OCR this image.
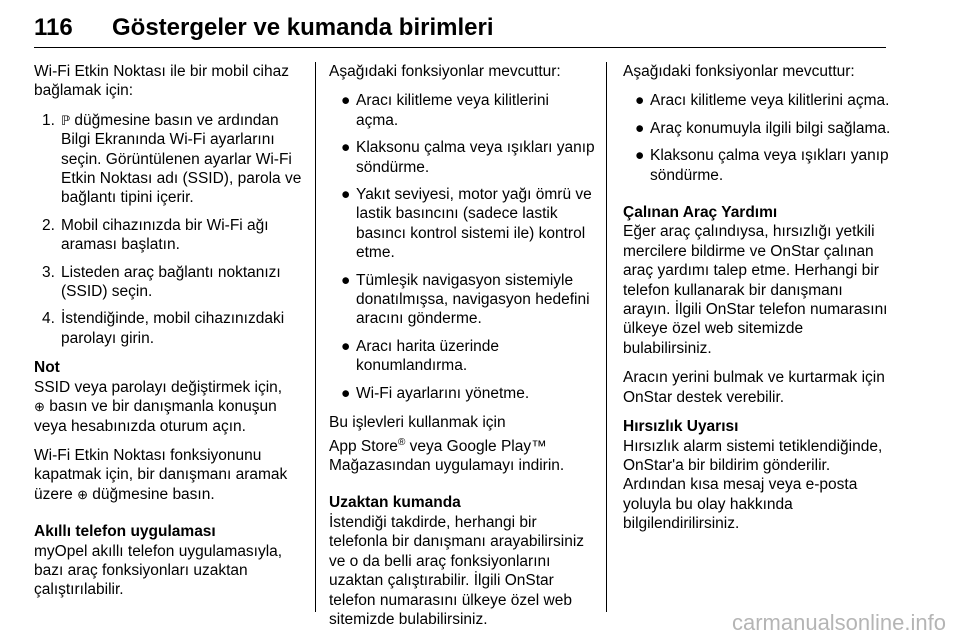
116 Göstergeler ve kumanda birimleri

Wi-Fi Etkin Noktası ile bir mobil cihaz bağlamak için:

1. ℙ düğmesine basın ve ardından Bilgi Ekranında Wi-Fi ayarlarını seçin. Görüntülenen ayarlar Wi-Fi Etkin Noktası adı (SSID), parola ve bağlantı tipini içerir.
2. Mobil cihazınızda bir Wi-Fi ağı araması başlatın.
3. Listeden araç bağlantı noktanızı (SSID) seçin.
4. İstendiğinde, mobil cihazınızdaki parolayı girin.

Not

SSID veya parolayı değiştirmek için,
⊕ basın ve bir danışmanla konuşun veya hesabınızda oturum açın.

Wi-Fi Etkin Noktası fonksiyonunu kapatmak için, bir danışmanı aramak üzere ⊕ düğmesine basın.

Akıllı telefon uygulaması

myOpel akıllı telefon uygulamasıyla, bazı araç fonksiyonları uzaktan çalıştırılabilir.

Aşağıdaki fonksiyonlar mevcuttur:

● Aracı kilitleme veya kilitlerini açma.
● Klaksonu çalma veya ışıkları yanıp söndürme.
● Yakıt seviyesi, motor yağı ömrü ve lastik basıncını (sadece lastik basıncı kontrol sistemi ile) kontrol etme.
● Tümleşik navigasyon sistemiyle donatılmışsa, navigasyon hedefini aracını gönderme.
● Aracı harita üzerinde konumlandırma.
● Wi-Fi ayarlarını yönetme.

Bu işlevleri kullanmak için
App Store® veya Google Play™
Mağazasından uygulamayı indirin.

Uzaktan kumanda

İstendiği takdirde, herhangi bir telefonla bir danışmanı arayabilirsiniz ve o da belli araç fonksiyonlarını uzaktan çalıştırabilir. İlgili OnStar telefon numarasını ülkeye özel web sitemizde bulabilirsiniz.

Aşağıdaki fonksiyonlar mevcuttur:

● Aracı kilitleme veya kilitlerini açma.
● Araç konumuyla ilgili bilgi sağlama.
● Klaksonu çalma veya ışıkları yanıp söndürme.

Çalınan Araç Yardımı

Eğer araç çalındıysa, hırsızlığı yetkili mercilere bildirme ve OnStar çalınan araç yardımı talep etme. Herhangi bir telefon kullanarak bir danışmanı arayın. İlgili OnStar telefon numarasını ülkeye özel web sitemizde bulabilirsiniz.

Aracın yerini bulmak ve kurtarmak için OnStar destek verebilir.

Hırsızlık Uyarısı

Hırsızlık alarm sistemi tetiklendiğinde, OnStar'a bir bildirim gönderilir. Ardından kısa mesaj veya e-posta yoluyla bu olay hakkında bilgilendirilirsiniz.

carmanualsonline.info
